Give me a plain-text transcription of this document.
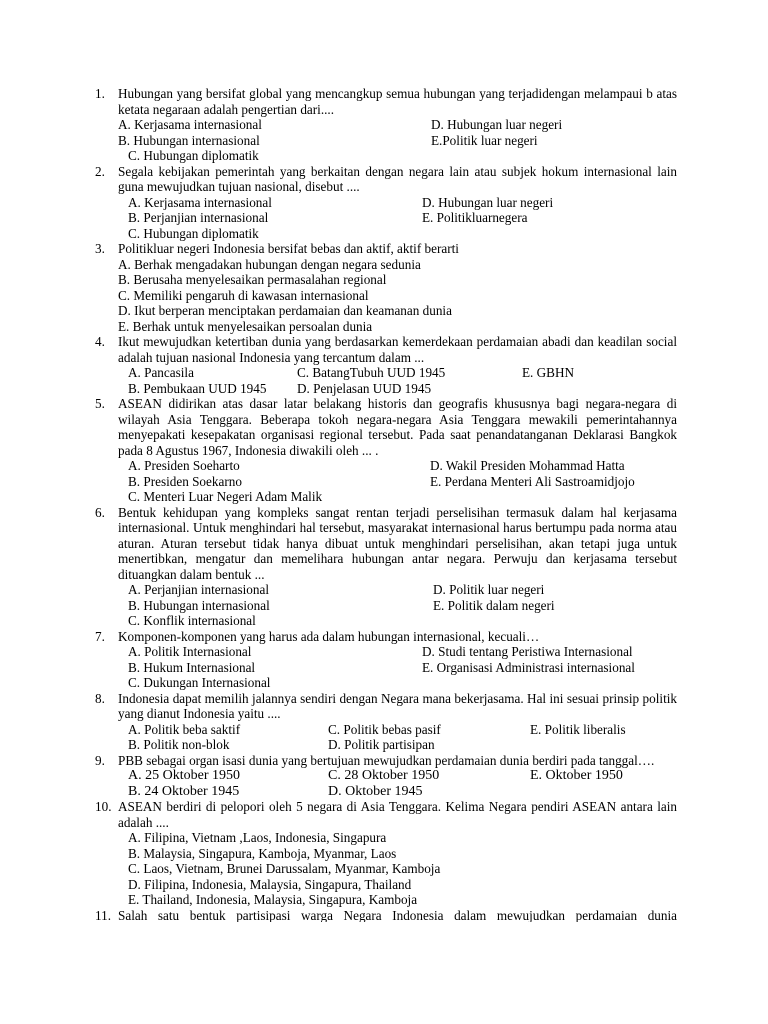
1. Hubungan yang bersifat global yang mencangkup semua hubungan yang terjadidengan melampaui b atas ketata negaraan adalah pengertian dari....
A. Kerjasama internasional	D. Hubungan luar negeri
B. Hubungan internasional	E.Politik luar negeri
C. Hubungan diplomatik
2. Segala kebijakan pemerintah yang berkaitan dengan negara lain atau subjek hokum internasional lain guna mewujudkan tujuan nasional, disebut ....
A. Kerjasama internasional	D. Hubungan luar negeri
B. Perjanjian internasional	E. Politikluarnegera
C. Hubungan diplomatik
3. Politikluar negeri Indonesia bersifat bebas dan aktif, aktif berarti
A. Berhak mengadakan hubungan dengan negara sedunia
B. Berusaha menyelesaikan permasalahan regional
C. Memiliki pengaruh di kawasan internasional
D. Ikut berperan menciptakan perdamaian dan keamanan dunia
E. Berhak untuk menyelesaikan persoalan dunia
4. Ikut mewujudkan ketertiban dunia yang berdasarkan kemerdekaan perdamaian abadi dan keadilan social adalah tujuan nasional Indonesia yang tercantum dalam ...
A. Pancasila	C. BatangTubuh UUD 1945	E. GBHN
B. Pembukaan UUD 1945	D. Penjelasan UUD 1945
5. ASEAN didirikan atas dasar latar belakang historis dan geografis khususnya bagi negara-negara di wilayah Asia Tenggara. Beberapa tokoh negara-negara Asia Tenggara mewakili pemerintahannya menyepakati kesepakatan organisasi regional tersebut. Pada saat penandatanganan Deklarasi Bangkok pada 8 Agustus 1967, Indonesia diwakili oleh ... .
A. Presiden Soeharto	D. Wakil Presiden Mohammad Hatta
B. Presiden Soekarno	E. Perdana Menteri Ali Sastroamidjojo
C. Menteri Luar Negeri Adam Malik
6. Bentuk kehidupan yang kompleks sangat rentan terjadi perselisihan termasuk dalam hal kerjasama internasional. Untuk menghindari hal tersebut, masyarakat internasional harus bertumpu pada norma atau aturan. Aturan tersebut tidak hanya dibuat untuk menghindari perselisihan, akan tetapi juga untuk menertibkan, mengatur dan memelihara hubungan antar negara. Perwuju dan kerjasama tersebut dituangkan dalam bentuk ...
A. Perjanjian internasional	D. Politik luar negeri
B. Hubungan internasional	E. Politik dalam negeri
C. Konflik internasional
7. Komponen-komponen yang harus ada dalam hubungan internasional, kecuali…
A. Politik Internasional	D. Studi tentang Peristiwa Internasional
B. Hukum Internasional	E. Organisasi Administrasi internasional
C. Dukungan Internasional
8. Indonesia dapat memilih jalannya sendiri dengan Negara mana bekerjasama. Hal ini sesuai prinsip politik yang dianut Indonesia yaitu ....
A. Politik beba saktif	C. Politik bebas pasif	E. Politik liberalis
B. Politik non-blok	D. Politik partisipan
9. PBB sebagai organ isasi dunia yang bertujuan mewujudkan perdamaian dunia berdiri pada tanggal….
A. 25 Oktober 1950	C. 28 Oktober 1950	E. Oktober 1950
B. 24 Oktober 1945	D. Oktober 1945
10. ASEAN berdiri di pelopori oleh 5 negara di Asia Tenggara. Kelima Negara pendiri ASEAN antara lain adalah ....
A. Filipina, Vietnam ,Laos, Indonesia, Singapura
B. Malaysia, Singapura, Kamboja, Myanmar, Laos
C. Laos, Vietnam, Brunei Darussalam, Myanmar, Kamboja
D. Filipina, Indonesia, Malaysia, Singapura, Thailand
E. Thailand, Indonesia, Malaysia, Singapura, Kamboja
11. Salah satu bentuk partisipasi warga Negara Indonesia dalam mewujudkan perdamaian dunia
